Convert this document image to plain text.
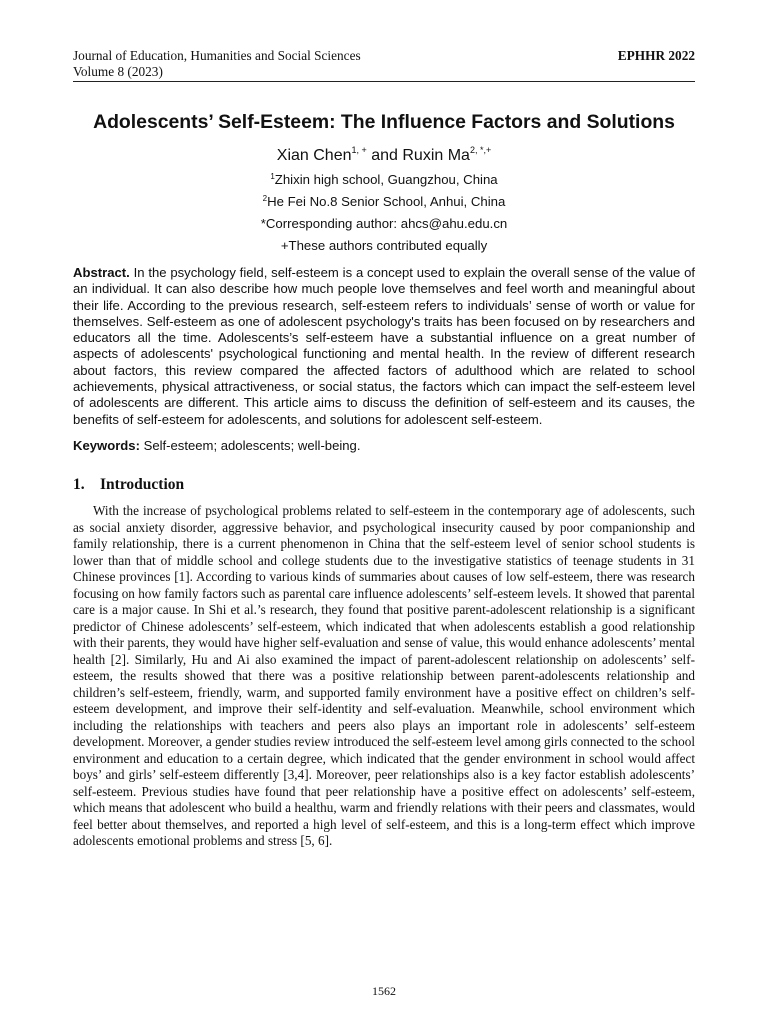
Journal of Education, Humanities and Social Sciences	EPHHR 2022
Volume 8 (2023)
Adolescents’ Self-Esteem: The Influence Factors and Solutions
Xian Chen$^{1, +}$ and Ruxin $Ma^{2, *,+}$
$^1$Zhixin high school, Guangzhou, China
$^2$He Fei No.8 Senior School, Anhui, China
*Corresponding author: ahcs@ahu.edu.cn
+These authors contributed equally
Abstract. In the psychology field, self-esteem is a concept used to explain the overall sense of the value of an individual. It can also describe how much people love themselves and feel worth and meaningful about their life. According to the previous research, self-esteem refers to individuals’ sense of worth or value for themselves. Self-esteem as one of adolescent psychology's traits has been focused on by researchers and educators all the time. Adolescents’s self-esteem have a substantial influence on a great number of aspects of adolescents' psychological functioning and mental health. In the review of different research about factors, this review compared the affected factors of adulthood which are related to school achievements, physical attractiveness, or social status, the factors which can impact the self-esteem level of adolescents are different. This article aims to discuss the definition of self-esteem and its causes, the benefits of self-esteem for adolescents, and solutions for adolescent self-esteem.
Keywords: Self-esteem; adolescents; well-being.
1. Introduction
With the increase of psychological problems related to self-esteem in the contemporary age of adolescents, such as social anxiety disorder, aggressive behavior, and psychological insecurity caused by poor companionship and family relationship, there is a current phenomenon in China that the self-esteem level of senior school students is lower than that of middle school and college students due to the investigative statistics of teenage students in 31 Chinese provinces [1]. According to various kinds of summaries about causes of low self-esteem, there was research focusing on how family factors such as parental care influence adolescents’ self-esteem levels. It showed that parental care is a major cause. In Shi et al.’s research, they found that positive parent-adolescent relationship is a significant predictor of Chinese adolescents’ self-esteem, which indicated that when adolescents establish a good relationship with their parents, they would have higher self-evaluation and sense of value, this would enhance adolescents’ mental health [2]. Similarly, Hu and Ai also examined the impact of parent-adolescent relationship on adolescents’ self-esteem, the results showed that there was a positive relationship between parent-adolescents relationship and children’s self-esteem, friendly, warm, and supported family environment have a positive effect on children’s self-esteem development, and improve their self-identity and self-evaluation. Meanwhile, school environment which including the relationships with teachers and peers also plays an important role in adolescents’ self-esteem development. Moreover, a gender studies review introduced the self-esteem level among girls connected to the school environment and education to a certain degree, which indicated that the gender environment in school would affect boys’ and girls’ self-esteem differently [3,4]. Moreover, peer relationships also is a key factor establish adolescents’ self-esteem. Previous studies have found that peer relationship have a positive effect on adolescents’ self-esteem, which means that adolescent who build a healthu, warm and friendly relations with their peers and classmates, would feel better about themselves, and reported a high level of self-esteem, and this is a long-term effect which improve adolescents emotional problems and stress [5, 6].
1562
